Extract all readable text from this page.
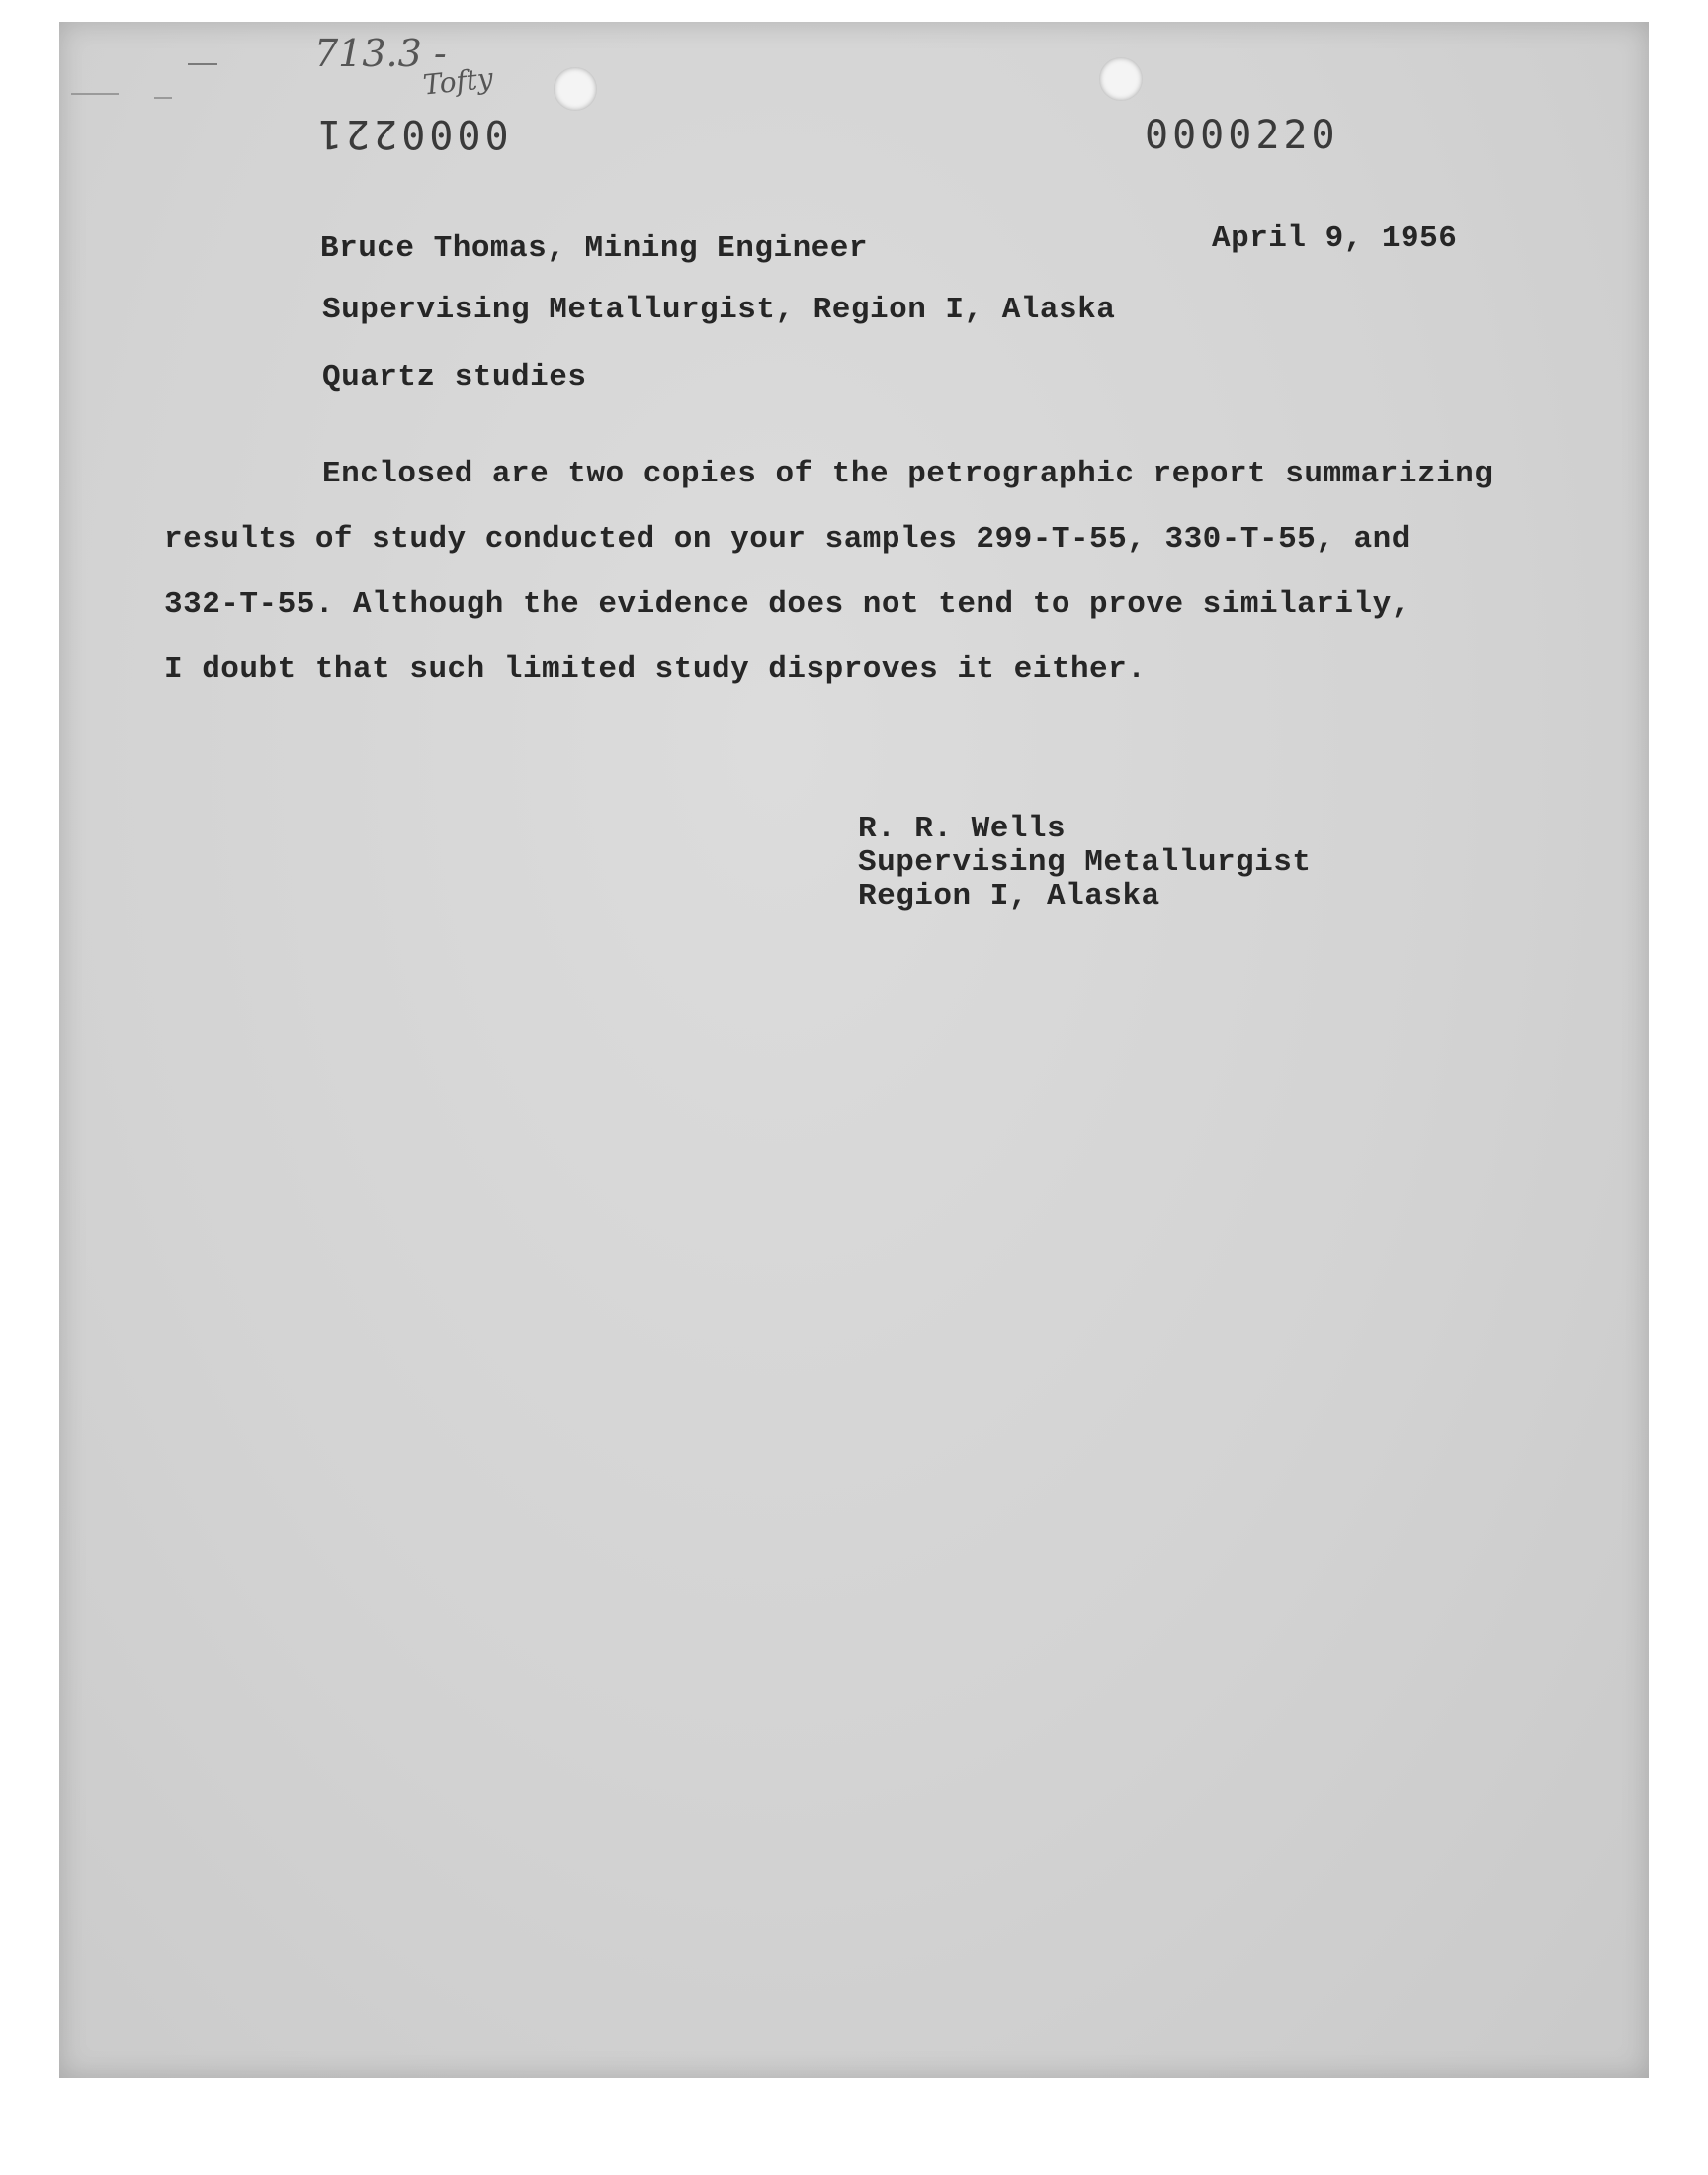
713.3 -
Tofty
0000221	0000220
April 9, 1956
Bruce Thomas, Mining Engineer
Supervising Metallurgist, Region I, Alaska
Quartz studies
Enclosed are two copies of the petrographic report summarizing
results of study conducted on your samples 299-T-55, 330-T-55, and
332-T-55. Although the evidence does not tend to prove similarily,
I doubt that such limited study disproves it either.
R. R. Wells
Supervising Metallurgist
Region I, Alaska
